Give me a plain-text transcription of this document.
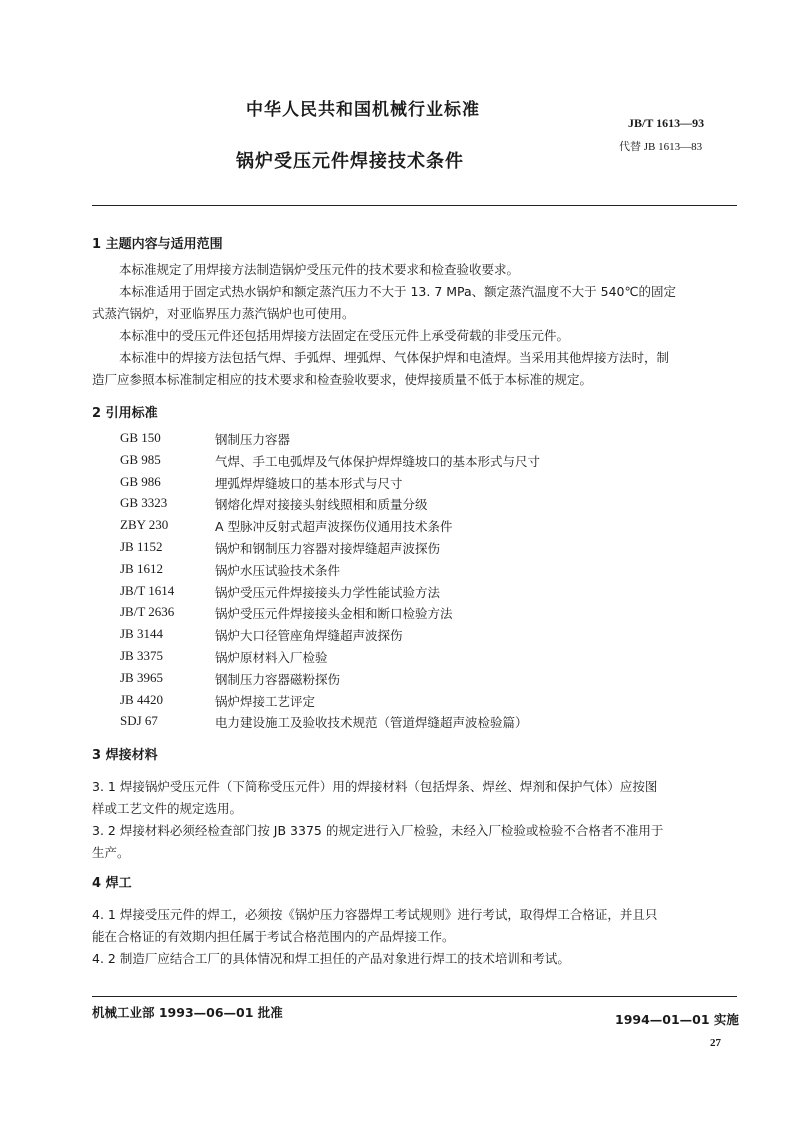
中华人民共和国机械行业标准
JB/T 1613—93
锅炉受压元件焊接技术条件
代替 JB 1613—83
1 主题内容与适用范围
本标准规定了用焊接方法制造锅炉受压元件的技术要求和检查验收要求。
本标准适用于固定式热水锅炉和额定蒸汽压力不大于 13. 7 MPa、额定蒸汽温度不大于 540℃的固定
式蒸汽锅炉，对亚临界压力蒸汽锅炉也可使用。
本标准中的受压元件还包括用焊接方法固定在受压元件上承受荷载的非受压元件。
本标准中的焊接方法包括气焊、手弧焊、埋弧焊、气体保护焊和电渣焊。当采用其他焊接方法时，制
造厂应参照本标准制定相应的技术要求和检查验收要求，使焊接质量不低于本标准的规定。
2 引用标准
GB 150	钢制压力容器
GB 985	气焊、手工电弧焊及气体保护焊焊缝坡口的基本形式与尺寸
GB 986	埋弧焊焊缝坡口的基本形式与尺寸
GB 3323	钢熔化焊对接接头射线照相和质量分级
ZBY 230	A 型脉冲反射式超声波探伤仪通用技术条件
JB 1152	锅炉和钢制压力容器对接焊缝超声波探伤
JB 1612	锅炉水压试验技术条件
JB/T 1614	锅炉受压元件焊接接头力学性能试验方法
JB/T 2636	锅炉受压元件焊接接头金相和断口检验方法
JB 3144	锅炉大口径管座角焊缝超声波探伤
JB 3375	锅炉原材料入厂检验
JB 3965	钢制压力容器磁粉探伤
JB 4420	锅炉焊接工艺评定
SDJ 67	电力建设施工及验收技术规范（管道焊缝超声波检验篇）
3 焊接材料
3. 1 焊接锅炉受压元件（下简称受压元件）用的焊接材料（包括焊条、焊丝、焊剂和保护气体）应按图
样或工艺文件的规定选用。
3. 2 焊接材料必须经检查部门按 JB 3375 的规定进行入厂检验，未经入厂检验或检验不合格者不准用于
生产。
4 焊工
4. 1 焊接受压元件的焊工，必须按《锅炉压力容器焊工考试规则》进行考试，取得焊工合格证，并且只
能在合格证的有效期内担任属于考试合格范围内的产品焊接工作。
4. 2 制造厂应结合工厂的具体情况和焊工担任的产品对象进行焊工的技术培训和考试。
机械工业部 1993—06—01 批准	1994—01—01 实施
27
